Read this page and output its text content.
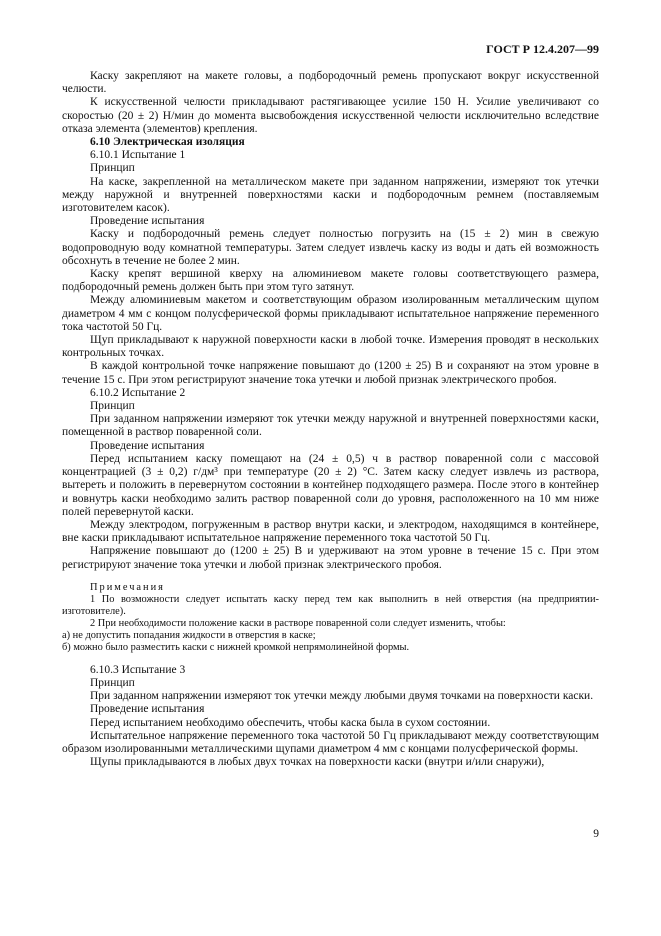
ГОСТ Р 12.4.207—99

Каску закрепляют на макете головы, а подбородочный ремень пропускают вокруг искусственной челюсти.

К искусственной челюсти прикладывают растягивающее усилие 150 Н. Усилие увеличивают со скоростью (20 ± 2) Н/мин до момента высвобождения искусственной челюсти исключительно вследствие отказа элемента (элементов) крепления.

6.10 Электрическая изоляция

6.10.1 Испытание 1

Принцип

На каске, закрепленной на металлическом макете при заданном напряжении, измеряют ток утечки между наружной и внутренней поверхностями каски и подбородочным ремнем (поставляемым изготовителем касок).

Проведение испытания

Каску и подбородочный ремень следует полностью погрузить на (15 ± 2) мин в свежую водопроводную воду комнатной температуры. Затем следует извлечь каску из воды и дать ей возможность обсохнуть в течение не более 2 мин.

Каску крепят вершиной кверху на алюминиевом макете головы соответствующего размера, подбородочный ремень должен быть при этом туго затянут.

Между алюминиевым макетом и соответствующим образом изолированным металлическим щупом диаметром 4 мм с концом полусферической формы прикладывают испытательное напряжение переменного тока частотой 50 Гц.

Щуп прикладывают к наружной поверхности каски в любой точке. Измерения проводят в нескольких контрольных точках.

В каждой контрольной точке напряжение повышают до (1200 ± 25) В и сохраняют на этом уровне в течение 15 с. При этом регистрируют значение тока утечки и любой признак электрического пробоя.

6.10.2 Испытание 2

Принцип

При заданном напряжении измеряют ток утечки между наружной и внутренней поверхностями каски, помещенной в раствор поваренной соли.

Проведение испытания

Перед испытанием каску помещают на (24 ± 0,5) ч в раствор поваренной соли с массовой концентрацией (3 ± 0,2) г/дм³ при температуре (20 ± 2) °С. Затем каску следует извлечь из раствора, вытереть и положить в перевернутом состоянии в контейнер подходящего размера. После этого в контейнер и вовнутрь каски необходимо залить раствор поваренной соли до уровня, расположенного на 10 мм ниже полей перевернутой каски.

Между электродом, погруженным в раствор внутри каски, и электродом, находящимся в контейнере, вне каски прикладывают испытательное напряжение переменного тока частотой 50 Гц.

Напряжение повышают до (1200 ± 25) В и удерживают на этом уровне в течение 15 с. При этом регистрируют значение тока утечки и любой признак электрического пробоя.

Примечания

1 По возможности следует испытать каску перед тем как выполнить в ней отверстия (на предприятии-изготовителе).

2 При необходимости положение каски в растворе поваренной соли следует изменить, чтобы:

а) не допустить попадания жидкости в отверстия в каске;

б) можно было разместить каски с нижней кромкой непрямолинейной формы.

6.10.3 Испытание 3

Принцип

При заданном напряжении измеряют ток утечки между любыми двумя точками на поверхности каски.

Проведение испытания

Перед испытанием необходимо обеспечить, чтобы каска была в сухом состоянии.

Испытательное напряжение переменного тока частотой 50 Гц прикладывают между соответствующим образом изолированными металлическими щупами диаметром 4 мм с концами полусферической формы.

Щупы прикладываются в любых двух точках на поверхности каски (внутри и/или снаружи),

9
